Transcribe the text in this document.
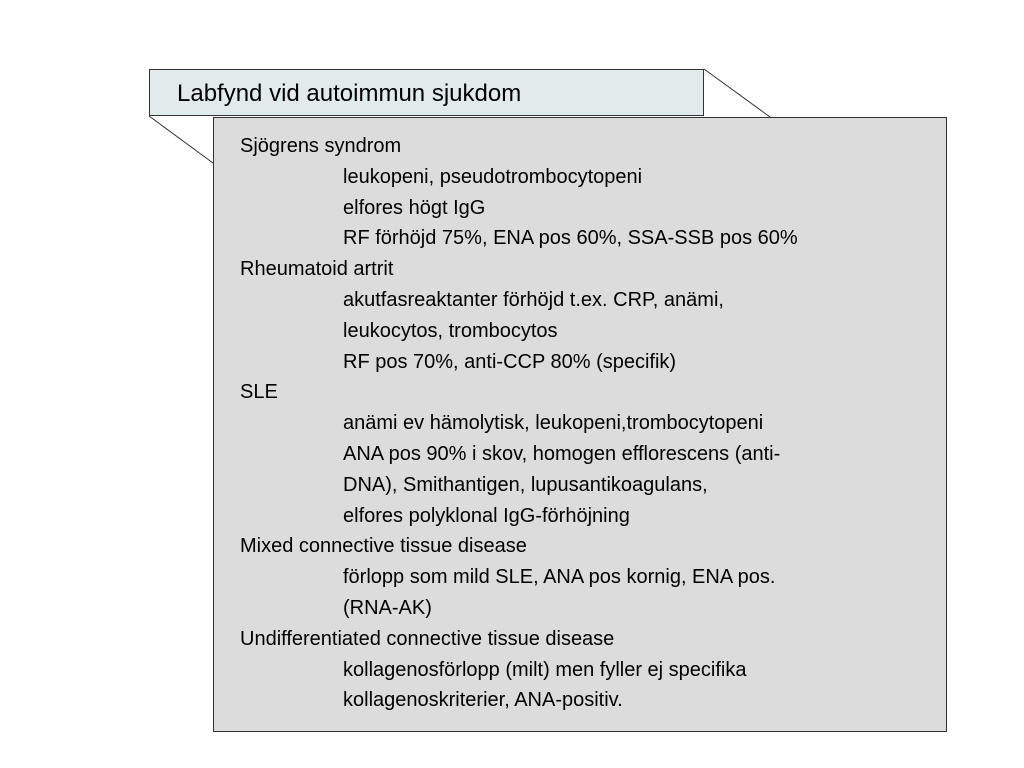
Labfynd vid autoimmun sjukdom
Sjögrens syndrom
leukopeni, pseudotrombocytopeni
elfores högt IgG
RF förhöjd 75%, ENA pos 60%, SSA-SSB pos 60%
Rheumatoid artrit
akutfasreaktanter förhöjd t.ex. CRP, anämi,
leukocytos, trombocytos
RF pos 70%, anti-CCP 80% (specifik)
SLE
anämi ev hämolytisk, leukopeni,trombocytopeni
ANA pos 90% i skov, homogen efflorescens (anti-
DNA), Smithantigen, lupusantikoagulans,
elfores polyklonal IgG-förhöjning
Mixed connective tissue disease
förlopp som mild SLE, ANA pos kornig, ENA pos.
(RNA-AK)
Undifferentiated connective tissue disease
kollagenosförlopp (milt) men fyller ej specifika
kollagenoskriterier, ANA-positiv.
